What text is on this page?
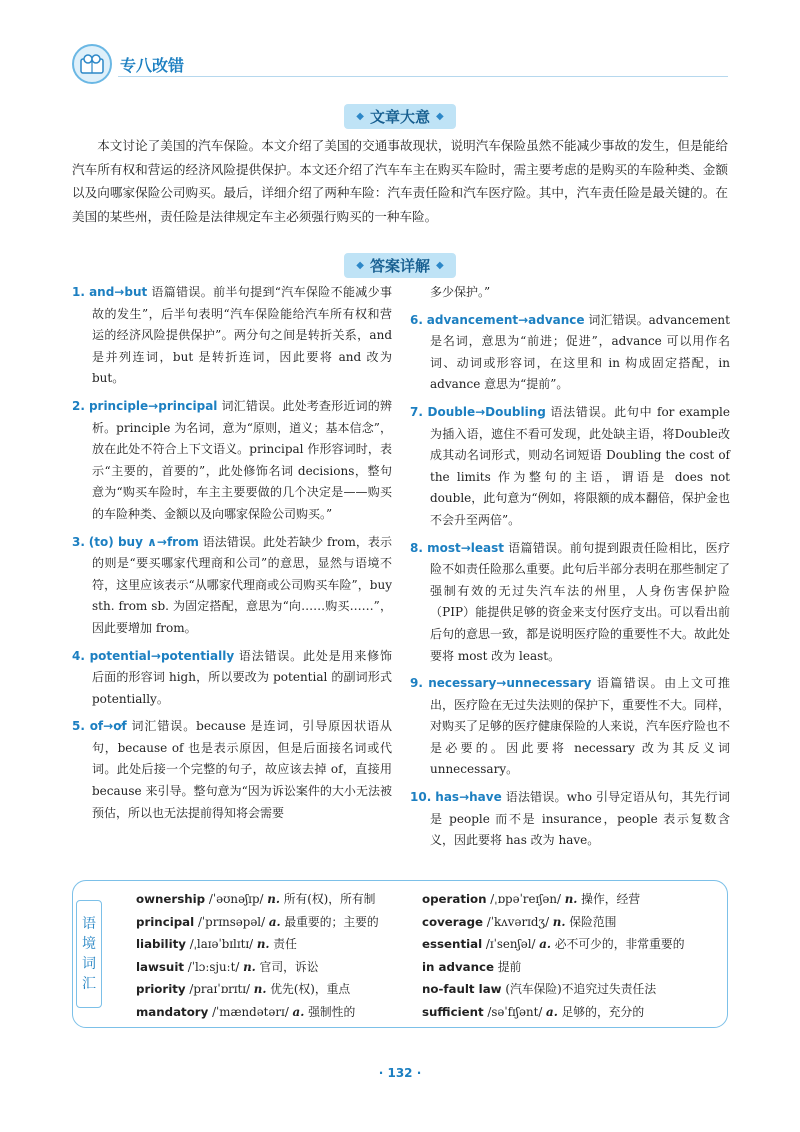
专八改错
◆ 文章大意 ◆

本文讨论了美国的汽车保险。本文介绍了美国的交通事故现状，说明汽车保险虽然不能减少事故的发生，但是能给汽车所有权和营运的经济风险提供保护。本文还介绍了汽车车主在购买车险时，需主要考虑的是购买的车险种类、金额以及向哪家保险公司购买。最后，详细介绍了两种车险：汽车责任险和汽车医疗险。其中，汽车责任险是最关键的。在美国的某些州，责任险是法律规定车主必须强行购买的一种车险。

◆ 答案详解 ◆

1. and→but 语篇错误。前半句提到“汽车保险不能减少事故的发生”，后半句表明“汽车保险能给汽车所有权和营运的经济风险提供保护”。两分句之间是转折关系，and 是并列连词，but 是转折连词，因此要将 and 改为 but。

2. principle→principal 词汇错误。此处考查形近词的辨析。principle 为名词，意为“原则，道义；基本信念”，放在此处不符合上下文语义。principal 作形容词时，表示“主要的，首要的”，此处修饰名词 decisions，整句意为“购买车险时，车主主要要做的几个决定是——购买的车险种类、金额以及向哪家保险公司购买。”

3. (to) buy ∧→from 语法错误。此处若缺少 from，表示的则是“要买哪家代理商和公司”的意思，显然与语境不符，这里应该表示“从哪家代理商或公司购买车险”，buy sth. from sb. 为固定搭配，意思为“向……购买……”，因此要增加 from。

4. potential→potentially 语法错误。此处是用来修饰后面的形容词 high，所以要改为 potential 的副词形式 potentially。

5. of→of̸ 词汇错误。because 是连词，引导原因状语从句，because of 也是表示原因，但是后面接名词或代词。此处后接一个完整的句子，故应该去掉 of，直接用 because 来引导。整句意为“因为诉讼案件的大小无法被预估，所以也无法提前得知将会需要

多少保护。”

6. advancement→advance 词汇错误。advancement 是名词，意思为“前进；促进”，advance 可以用作名词、动词或形容词，在这里和 in 构成固定搭配，in advance 意思为“提前”。

7. Double→Doubling 语法错误。此句中 for example 为插入语，遮住不看可发现，此处缺主语，将Double改成其动名词形式，则动名词短语 Doubling the cost of the limits 作为整句的主语，谓语是 does not double，此句意为“例如，将限额的成本翻倍，保护金也不会升至两倍”。

8. most→least 语篇错误。前句提到跟责任险相比，医疗险不如责任险那么重要。此句后半部分表明在那些制定了强制有效的无过失汽车法的州里，人身伤害保护险（PIP）能提供足够的资金来支付医疗支出。可以看出前后句的意思一致，都是说明医疗险的重要性不大。故此处要将 most 改为 least。

9. necessary→unnecessary 语篇错误。由上文可推出，医疗险在无过失法则的保护下，重要性不大。同样，对购买了足够的医疗健康保险的人来说，汽车医疗险也不是必要的。因此要将 necessary 改为其反义词unnecessary。

10. has→have 语法错误。who 引导定语从句，其先行词是 people 而不是 insurance，people 表示复数含义，因此要将 has 改为 have。

语
境
词
汇
ownership /ˈəʊnəʃɪp/ n. 所有(权)，所有制
principal /ˈprɪnsəpəl/ a. 最重要的；主要的
liability /ˌlaɪəˈbɪlɪtɪ/ n. 责任
lawsuit /ˈlɔːsjuːt/ n. 官司，诉讼
priority /praɪˈɒrɪtɪ/ n. 优先(权)，重点
mandatory /ˈmændətərɪ/ a. 强制性的
operation /ˌɒpəˈreɪʃən/ n. 操作，经营
coverage /ˈkʌvərɪdʒ/ n. 保险范围
essential /ɪˈsenʃəl/ a. 必不可少的，非常重要的
in advance 提前
no-fault law (汽车保险)不追究过失责任法
sufficient /səˈfɪʃənt/ a. 足够的，充分的
· 132 ·
